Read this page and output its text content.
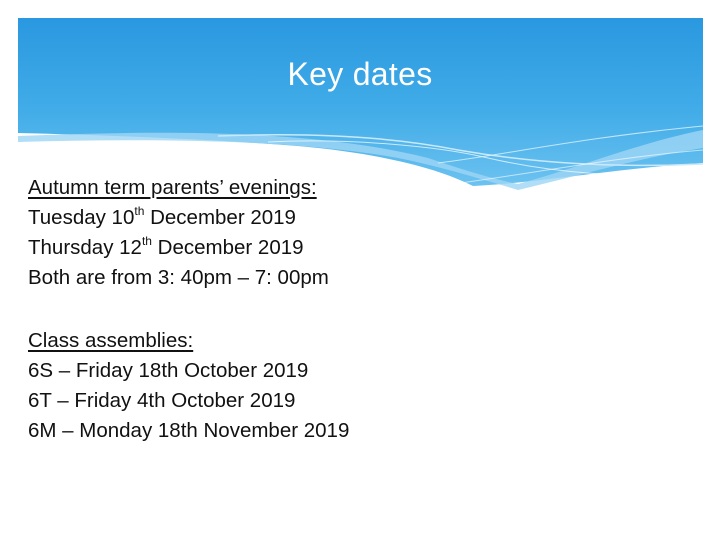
Key dates
Autumn term parents’ evenings:
Tuesday 10th December 2019
Thursday 12th December 2019
Both are from 3: 40pm – 7: 00pm
Class assemblies:
6S – Friday 18th October 2019
6T – Friday 4th October 2019
6M – Monday 18th November 2019
